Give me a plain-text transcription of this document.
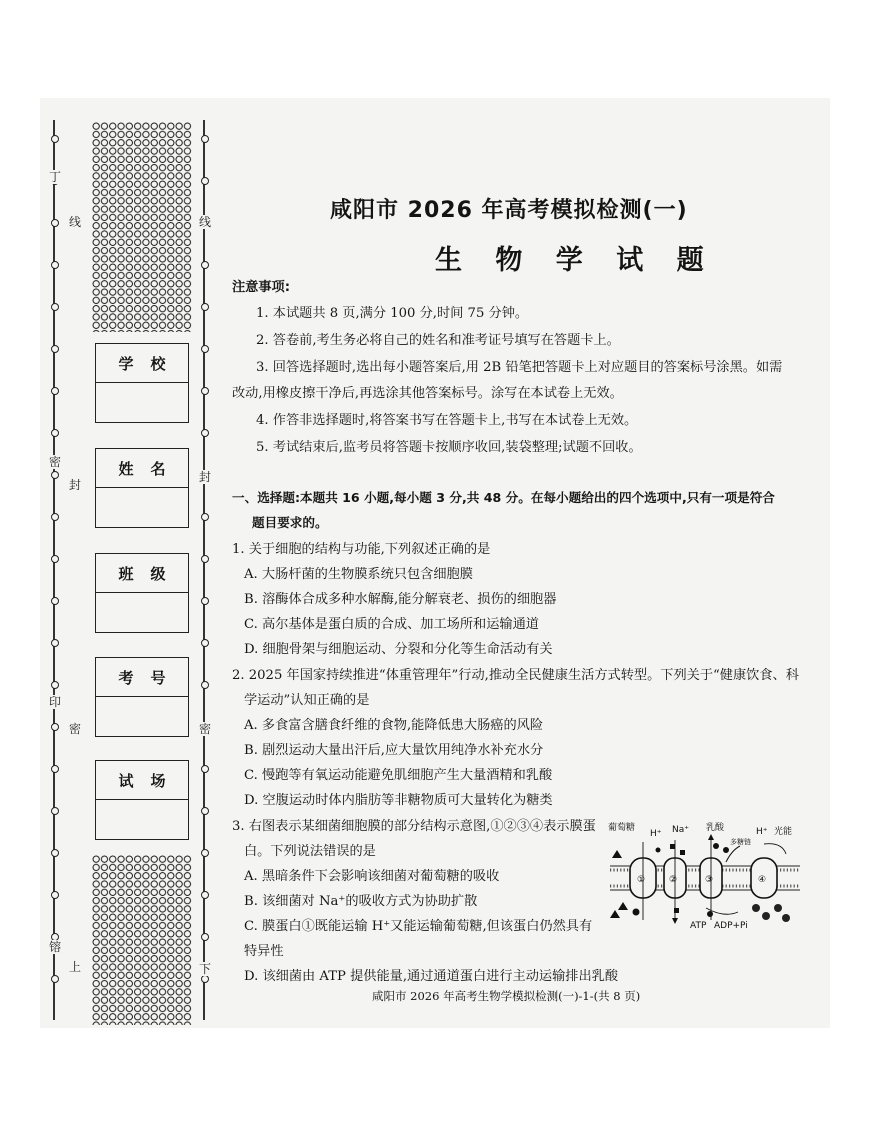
丁
线
密
封
印
密
上
镕
线
封
密
下
学 校
姓 名
班 级
考 号
试 场
咸阳市 2026 年高考模拟检测(一)
生 物 学 试 题
注意事项:
1. 本试题共 8 页,满分 100 分,时间 75 分钟。
2. 答卷前,考生务必将自己的姓名和准考证号填写在答题卡上。
3. 回答选择题时,选出每小题答案后,用 2B 铅笔把答题卡上对应题目的答案标号涂黑。如需
改动,用橡皮擦干净后,再选涂其他答案标号。涂写在本试卷上无效。
4. 作答非选择题时,将答案书写在答题卡上,书写在本试卷上无效。
5. 考试结束后,监考员将答题卡按顺序收回,装袋整理;试题不回收。
一、选择题:本题共 16 小题,每小题 3 分,共 48 分。在每小题给出的四个选项中,只有一项是符合
题目要求的。
1. 关于细胞的结构与功能,下列叙述正确的是
A. 大肠杆菌的生物膜系统只包含细胞膜
B. 溶酶体合成多种水解酶,能分解衰老、损伤的细胞器
C. 高尔基体是蛋白质的合成、加工场所和运输通道
D. 细胞骨架与细胞运动、分裂和分化等生命活动有关
2. 2025 年国家持续推进“体重管理年”行动,推动全民健康生活方式转型。下列关于“健康饮食、科
学运动”认知正确的是
A. 多食富含膳食纤维的食物,能降低患大肠癌的风险
B. 剧烈运动大量出汗后,应大量饮用纯净水补充水分
C. 慢跑等有氧运动能避免肌细胞产生大量酒精和乳酸
D. 空腹运动时体内脂肪等非糖物质可大量转化为糖类
3. 右图表示某细菌细胞膜的部分结构示意图,①②③④表示膜蛋
白。下列说法错误的是
A. 黑暗条件下会影响该细菌对葡萄糖的吸收
B. 该细菌对 Na⁺的吸收方式为协助扩散
C. 膜蛋白①既能运输 H⁺又能运输葡萄糖,但该蛋白仍然具有
特异性
D. 该细菌由 ATP 提供能量,通过通道蛋白进行主动运输排出乳酸
①	②	③	④
葡萄糖
H⁺ Na⁺ 乳酸	H⁺ 光能
多糖链
ATP ADP+Pi
咸阳市 2026 年高考生物学模拟检测(一)-1-(共 8 页)
